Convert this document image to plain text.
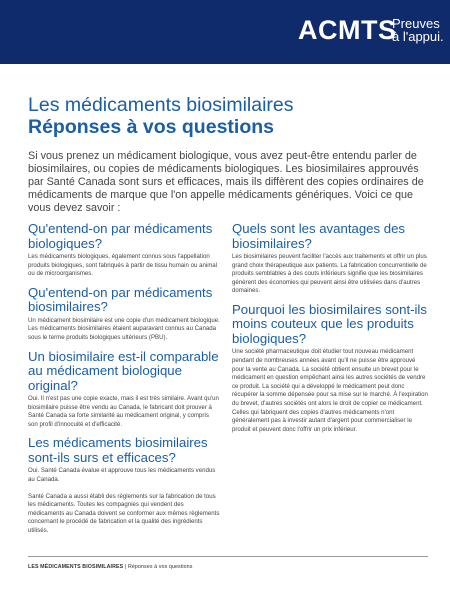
ACMTS
Preuves
à l'appui.
Les médicaments biosimilaires
Réponses à vos questions

Si vous prenez un médicament biologique, vous avez peut-être entendu parler de biosimilaires, ou copies de médicaments biologiques. Les biosimilaires approuvés par Santé Canada sont surs et efficaces, mais ils diffèrent des copies ordinaires de médicaments de marque que l'on appelle médicaments génériques. Voici ce que vous devez savoir :

Qu'entend-on par médicaments biologiques?

Les médicaments biologiques, également connus sous l'appellation produits biologiques, sont fabriqués à partir de tissu humain ou animal ou de microorganismes.

Qu'entend-on par médicaments biosimilaires?

Un médicament biosimilaire est une copie d'un médicament biologique. Les médicaments biosimilaires étaient auparavant connus au Canada sous le terme produits biologiques ultérieurs (PBU).

Un biosimilaire est-il comparable au médicament biologique original?

Oui. Il n'est pas une copie exacte, mais il est très similaire. Avant qu'un biosimilaire puisse être vendu au Canada, le fabricant doit prouver à Santé Canada sa forte similarité au médicament original, y compris son profil d'innocuité et d'efficacité.

Les médicaments biosimilaires sont-ils surs et efficaces?

Oui. Santé Canada évalue et approuve tous les médicaments vendus au Canada.

Santé Canada a aussi établi des règlements sur la fabrication de tous les médicaments. Toutes les compagnies qui vendent des médicaments au Canada doivent se conformer aux mêmes règlements concernant le procédé de fabrication et la qualité des ingrédients utilisés.

Quels sont les avantages des biosimilaires?

Les biosimilaires peuvent faciliter l'accès aux traitements et offrir un plus grand choix thérapeutique aux patients. La fabrication concurrentielle de produits semblables à des couts inférieurs signifie que les biosimilaires génèrent des économies qui peuvent ainsi être utilisées dans d'autres domaines.

Pourquoi les biosimilaires sont-ils moins couteux que les produits biologiques?

Une société pharmaceutique doit étudier tout nouveau médicament pendant de nombreuses années avant qu'il ne puisse être approuvé pour la vente au Canada. La société obtient ensuite un brevet pour le médicament en question empêchant ainsi les autres sociétés de vendre ce produit. La société qui a développé le médicament peut donc récupérer la somme dépensée pour sa mise sur le marché. À l'expiration du brevet, d'autres sociétés ont alors le droit de copier ce médicament. Celles qui fabriquent des copies d'autres médicaments n'ont généralement pas à investir autant d'argent pour commercialiser le produit et peuvent donc l'offrir un prix inférieur.

LES MÉDICAMENTS BIOSIMILAIRES | Réponses à vos questions
